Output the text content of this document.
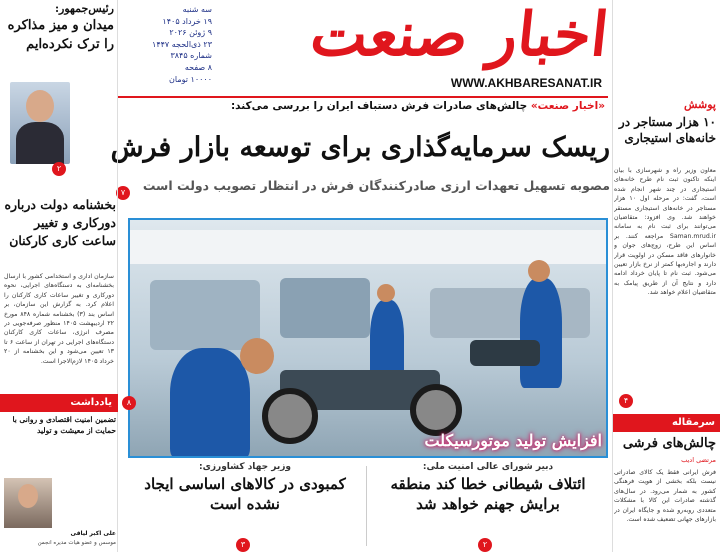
اخبار صنعت
سه شنبه
۱۹ خرداد ۱۴۰۵
۹ ژوئن ۲۰۲۶
۲۳ ذی‌الحجه ۱۴۴۷
شماره ۳۸۴۵
۸ صفحه
۱۰۰۰۰ تومان	WWW.AKHBARESANAT.IR
«اخبار صنعت» چالش‌های صادرات فرش دستباف ایران را بررسی می‌کند:
ریسک سرمایه‌گذاری برای توسعه بازار فرش
مصوبه تسهیل تعهدات ارزی صادرکنندگان فرش در انتظار تصویب دولت است
۷
افزایش تولید موتورسیکلت
۸
دبیر شورای عالی امنیت ملی:
ائتلاف شیطانی خطا کند منطقه برایش جهنم خواهد شد
۲
وزیر جهاد کشاورزی:
کمبودی در کالاهای اساسی ایجاد نشده است
۳
رئیس‌جمهور:
میدان و میز مذاکره را ترک نکرده‌ایم
۲
بخشنامه دولت درباره دورکاری و تغییر ساعت کاری کارکنان
سازمان اداری و استخدامی کشور با ارسال بخشنامه‌ای به دستگاه‌های اجرایی، نحوه دورکاری و تغییر ساعات کاری کارکنان را اعلام کرد. به گزارش این سازمان، بر اساس بند (۳) بخشنامه شماره ۸۴۸ مورخ ۲۲ اردیبهشت ۱۴۰۵ منظور صرفه‌جویی در مصرف انرژی، ساعات کاری کارکنان دستگاه‌های اجرایی در تهران از ساعت ۶ تا ۱۳ تعیین می‌شود و این بخشنامه از ۲۰ خرداد ۱۴۰۵ لازم‌الاجرا است.
یادداشت
تضمین امنیت اقتصادی و روانی با حمایت از معیشت و تولید
علی اکبر لیاقی
موسس و عضو هیات مدیره انجمن
پوشش
۱۰ هزار مستاجر در خانه‌های استیجاری
معاون وزیر راه و شهرسازی با بیان اینکه تاکنون ثبت نام طرح خانه‌های استیجاری در چند شهر انجام شده است، گفت: در مرحله اول ۱۰ هزار مستاجر در خانه‌های استیجاری مستقر خواهند شد. وی افزود: متقاضیان می‌توانند برای ثبت نام به سامانه Saman.mrud.ir مراجعه کنند. بر اساس این طرح، زوج‌های جوان و خانوارهای فاقد مسکن در اولویت قرار دارند و اجاره‌بها کمتر از نرخ بازار تعیین می‌شود. ثبت نام تا پایان خرداد ادامه دارد و نتایج آن از طریق پیامک به متقاضیان اعلام خواهد شد.
۴
سرمقاله
چالش‌های فرشی
مرتضی ادیب
فرش ایرانی فقط یک کالای صادراتی نیست بلکه بخشی از هویت فرهنگی کشور به شمار می‌رود. در سال‌های گذشته صادرات این کالا با مشکلات متعددی روبه‌رو شده و جایگاه ایران در بازارهای جهانی تضعیف شده است.
